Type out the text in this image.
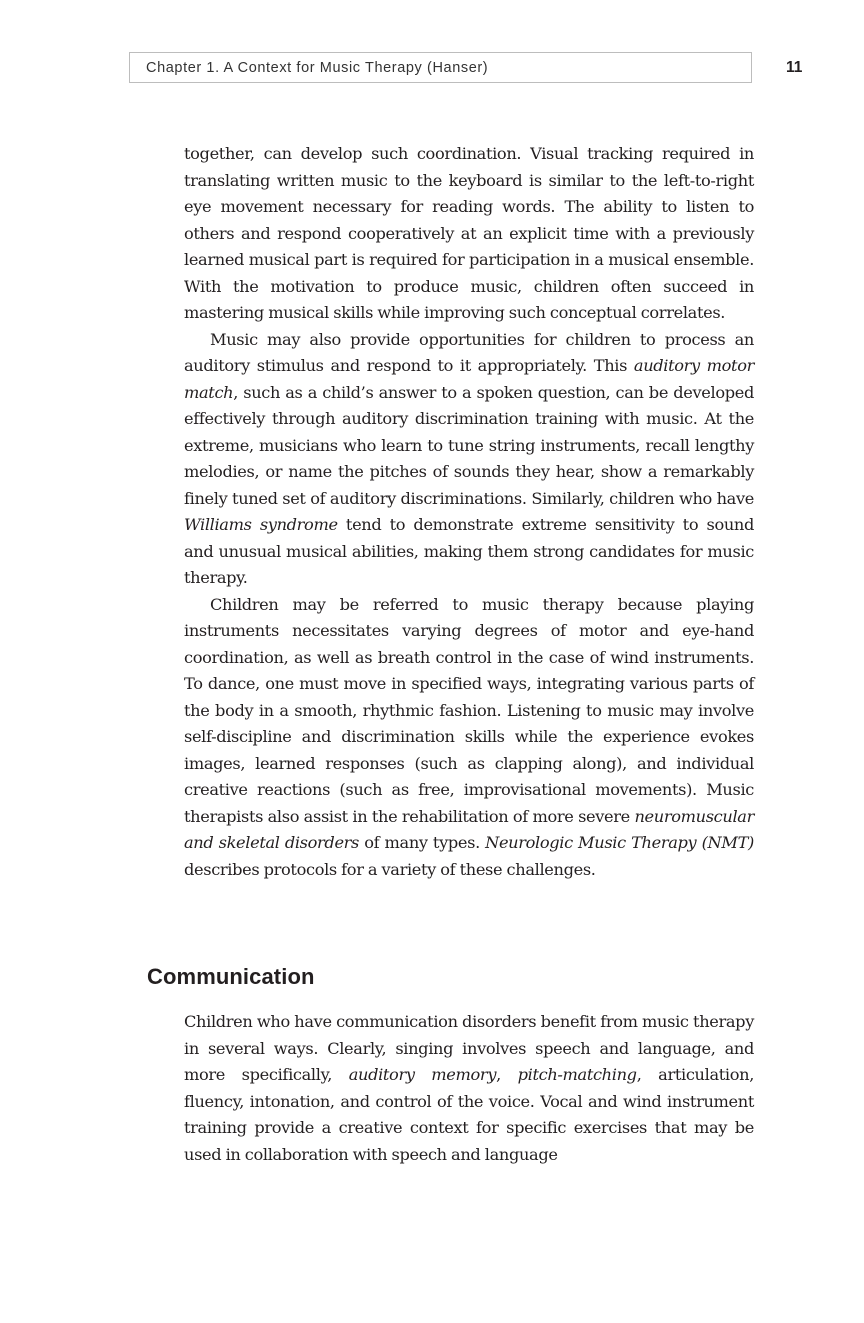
Chapter 1. A Context for Music Therapy (Hanser)	11

together, can develop such coordination. Visual tracking required in translating written music to the keyboard is similar to the left-to-right eye movement necessary for reading words. The ability to listen to others and respond cooperatively at an explicit time with a previously learned musical part is required for participation in a musical ensemble. With the motivation to produce music, children often succeed in mastering musical skills while improving such conceptual correlates.

Music may also provide opportunities for children to process an auditory stimulus and respond to it appropriately. This auditory motor match, such as a child’s answer to a spoken question, can be developed effectively through auditory discrimination training with music. At the extreme, musicians who learn to tune string instruments, recall lengthy melodies, or name the pitches of sounds they hear, show a remarkably finely tuned set of auditory discriminations. Similarly, children who have Williams syndrome tend to demonstrate extreme sensitivity to sound and unusual musical abilities, making them strong candidates for music therapy.

Children may be referred to music therapy because playing instruments necessitates varying degrees of motor and eye-hand coordination, as well as breath control in the case of wind instruments. To dance, one must move in specified ways, integrating various parts of the body in a smooth, rhythmic fashion. Listening to music may involve self-discipline and discrimination skills while the experience evokes images, learned responses (such as clapping along), and individual creative reactions (such as free, improvisational movements). Music therapists also assist in the rehabilitation of more severe neuromuscular and skeletal disorders of many types. Neurologic Music Therapy (NMT) describes protocols for a variety of these challenges.

Communication

Children who have communication disorders benefit from music therapy in several ways. Clearly, singing involves speech and language, and more specifically, auditory memory, pitch-matching, articulation, fluency, intonation, and control of the voice. Vocal and wind instrument training provide a creative context for specific exercises that may be used in collaboration with speech and language
